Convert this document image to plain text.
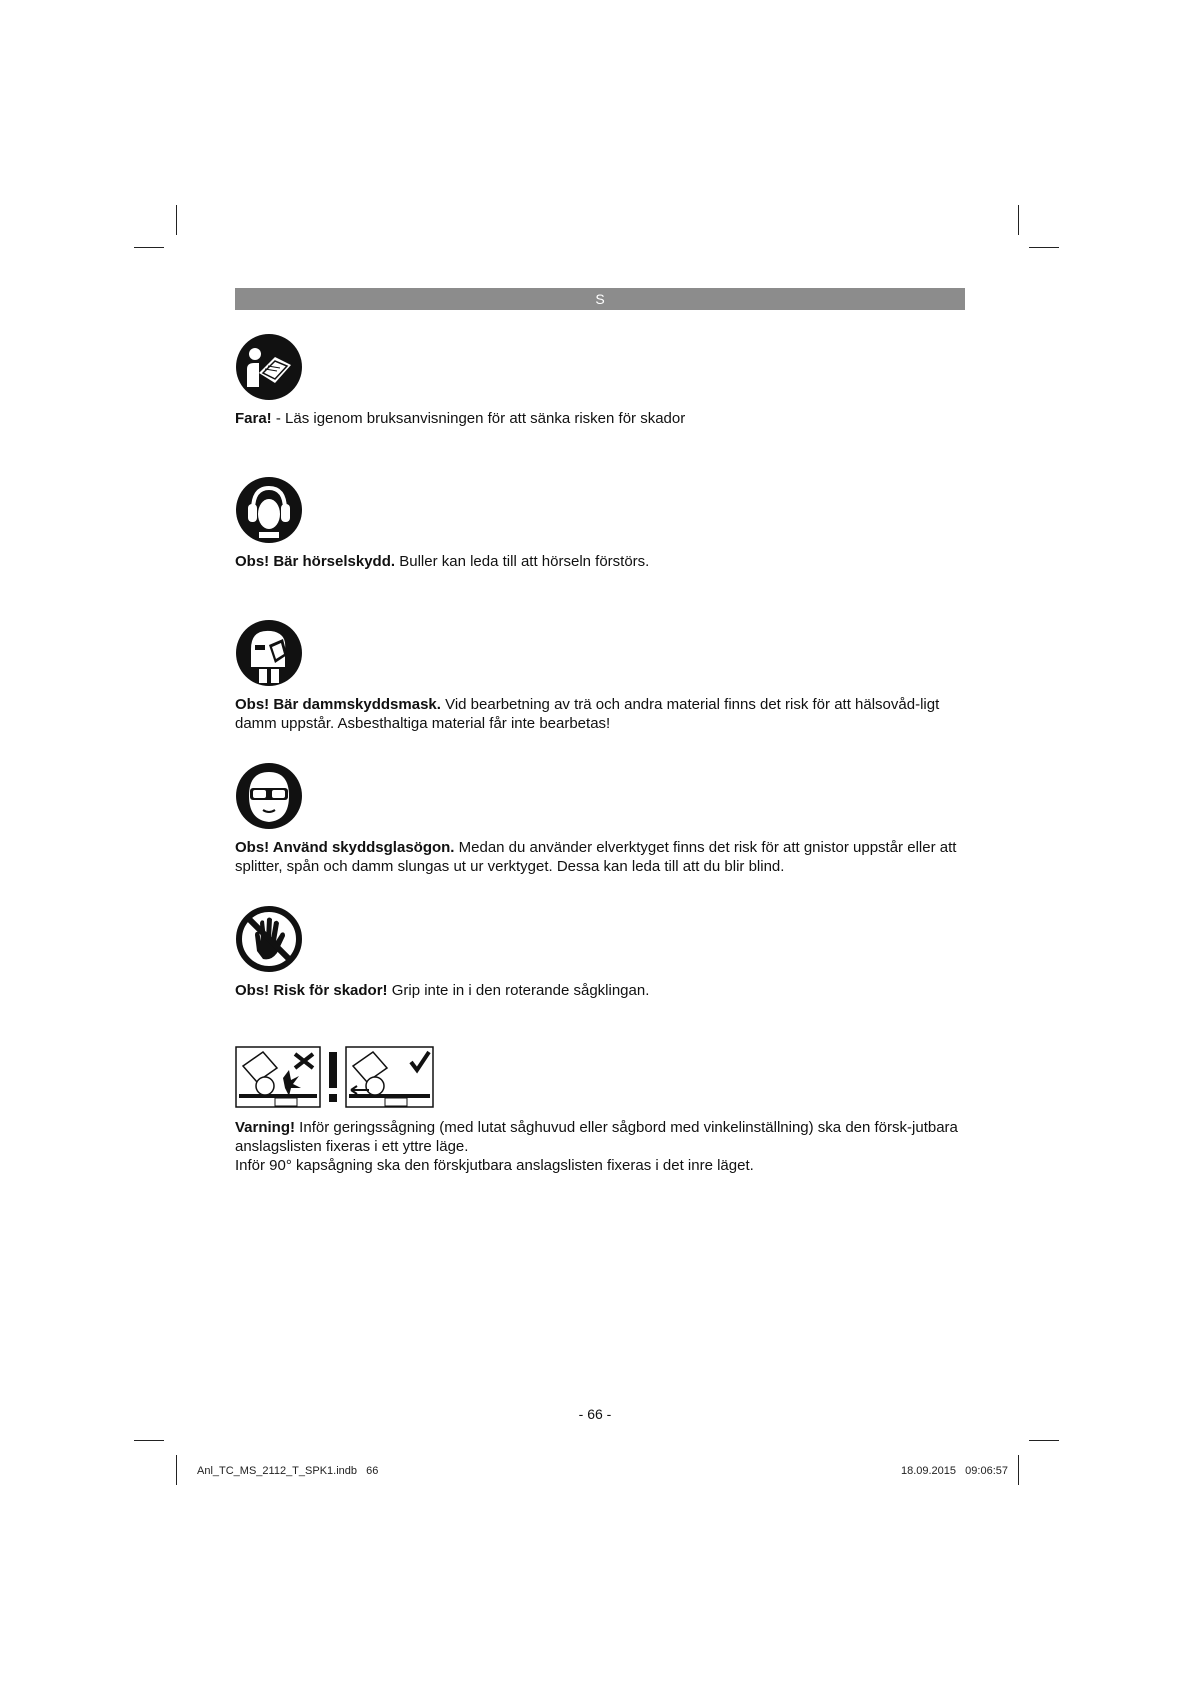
S

Fara! - Läs igenom bruksanvisningen för att sänka risken för skador

Obs! Bär hörselskydd. Buller kan leda till att hörseln förstörs.

Obs! Bär dammskyddsmask. Vid bearbetning av trä och andra material finns det risk för att hälsovåd-ligt damm uppstår. Asbesthaltiga material får inte bearbetas!

Obs! Använd skyddsglasögon. Medan du använder elverktyget finns det risk för att gnistor uppstår eller att splitter, spån och damm slungas ut ur verktyget. Dessa kan leda till att du blir blind.

Obs! Risk för skador! Grip inte in i den roterande sågklingan.

Varning! Inför geringssågning (med lutat såghuvud eller sågbord med vinkelinställning) ska den försk-jutbara anslagslisten fixeras i ett yttre läge.
Inför 90° kapsågning ska den förskjutbara anslagslisten fixeras i det inre läget.

- 66 -
Anl_TC_MS_2112_T_SPK1.indb   66	18.09.2015   09:06:57
